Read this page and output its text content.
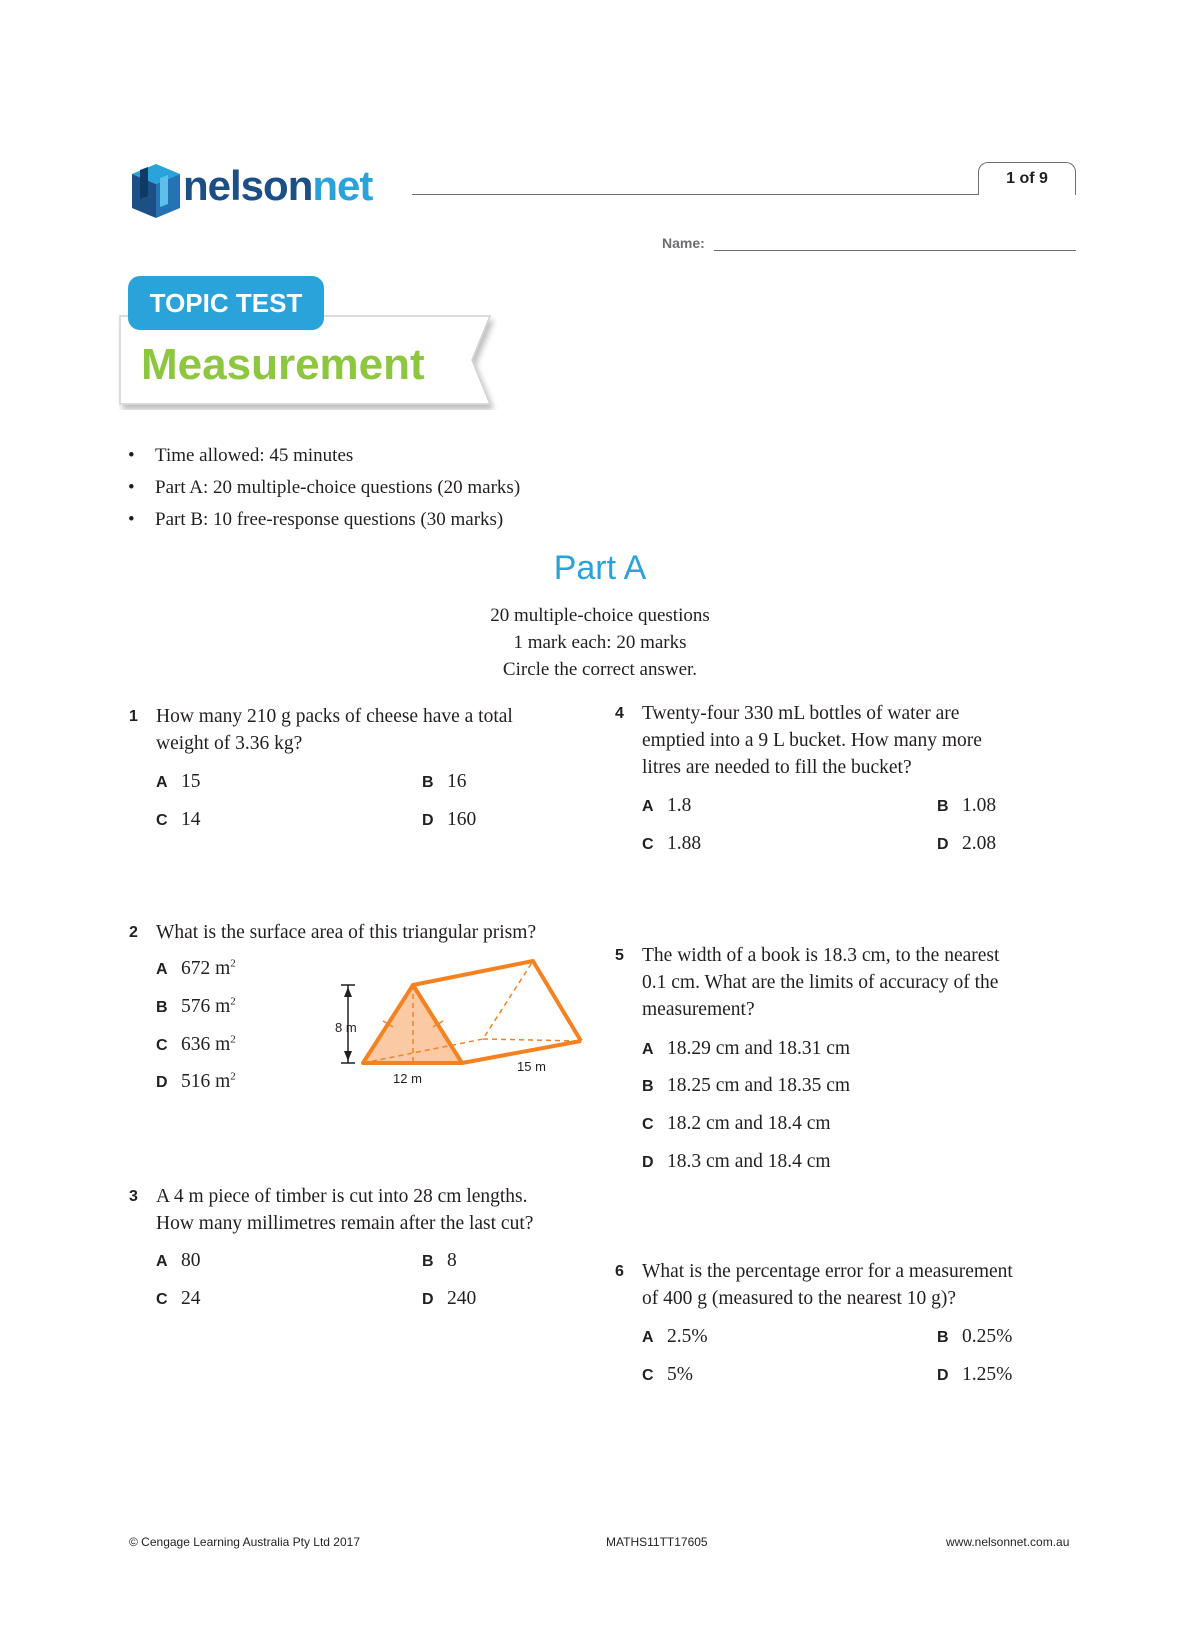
nelsonnet	1 of 9
Name:
TOPIC TEST
Measurement
• Time allowed: 45 minutes
• Part A: 20 multiple-choice questions (20 marks)
• Part B: 10 free-response questions (30 marks)
Part A
20 multiple-choice questions
1 mark each: 20 marks
Circle the correct answer.
1 How many 210 g packs of cheese have a total
weight of 3.36 kg?
A 15	B 16
C 14	D 160
2 What is the surface area of this triangular prism?
A 672 $m^2$
B 576 $m^2$
C 636 $m^2$
D 516 $m^2$
8 m
12 m
15 m
3 A 4 m piece of timber is cut into 28 cm lengths.
How many millimetres remain after the last cut?
A 80	B 8
C 24	D 240
4 Twenty-four 330 mL bottles of water are
emptied into a 9 L bucket. How many more
litres are needed to fill the bucket?
A 1.8	B 1.08
C 1.88	D 2.08
5 The width of a book is 18.3 cm, to the nearest
0.1 cm. What are the limits of accuracy of the
measurement?
A 18.29 cm and 18.31 cm
B 18.25 cm and 18.35 cm
C 18.2 cm and 18.4 cm
D 18.3 cm and 18.4 cm
6 What is the percentage error for a measurement
of 400 g (measured to the nearest 10 g)?
A 2.5%	B 0.25%
C 5%	D 1.25%
© Cengage Learning Australia Pty Ltd 2017	MATHS11TT17605	www.nelsonnet.com.au
